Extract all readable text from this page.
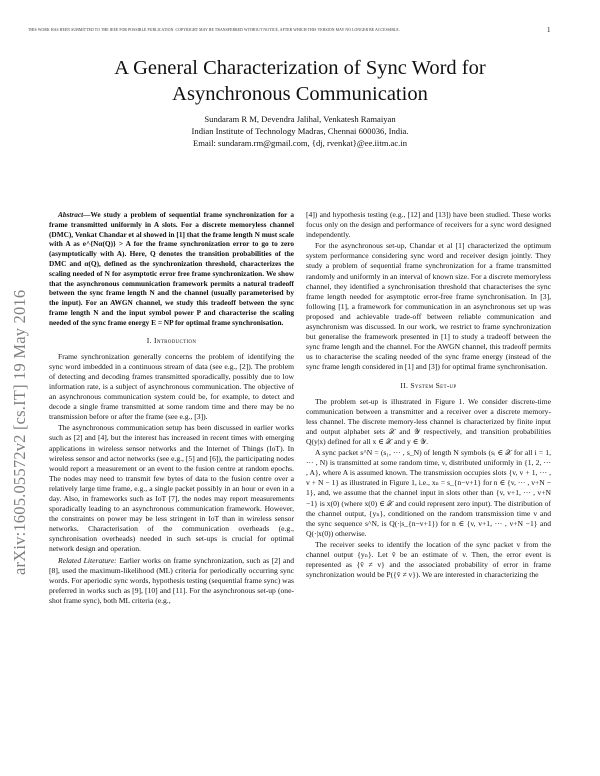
THIS WORK HAS BEEN SUBMITTED TO THE IEEE FOR POSSIBLE PUBLICATION. COPYRIGHT MAY BE TRANSFERRED WITHOUT NOTICE, AFTER WHICH THIS VERSION MAY NO LONGER BE ACCESSIBLE.	1
arXiv:1605.05572v2 [cs.IT] 19 May 2016
A General Characterization of Sync Word for
Asynchronous Communication
Sundaram R M, Devendra Jalihal, Venkatesh Ramaiyan
Indian Institute of Technology Madras, Chennai 600036, India.
Email: sundaram.rm@gmail.com, {dj, rvenkat}@ee.iitm.ac.in

Abstract—We study a problem of sequential frame synchronization for a frame transmitted uniformly in A slots. For a discrete memoryless channel (DMC), Venkat Chandar et al showed in [1] that the frame length N must scale with A as e^{Nα(Q)} > A for the frame synchronization error to go to zero (asymptotically with A). Here, Q denotes the transition probabilities of the DMC and α(Q), defined as the synchronization threshold, characterizes the scaling needed of N for asymptotic error free frame synchronization. We show that the asynchronous communication framework permits a natural tradeoff between the sync frame length N and the channel (usually parameterised by the input). For an AWGN channel, we study this tradeoff between the sync frame length N and the input symbol power P and characterise the scaling needed of the sync frame energy E = NP for optimal frame synchronisation.

I. Introduction

Frame synchronization generally concerns the problem of identifying the sync word imbedded in a continuous stream of data (see e.g., [2]). The problem of detecting and decoding frames transmitted sporadically, possibly due to low information rate, is a subject of asynchronous communication. The objective of an asynchronous communication system could be, for example, to detect and decode a single frame transmitted at some random time and there may be no transmission before or after the frame (see e.g., [3]).

The asynchronous communication setup has been discussed in earlier works such as [2] and [4], but the interest has increased in recent times with emerging applications in wireless sensor networks and the Internet of Things (IoT). In wireless sensor and actor networks (see e.g., [5] and [6]), the participating nodes would report a measurement or an event to the fusion centre at random epochs. The nodes may need to transmit few bytes of data to the fusion centre over a relatively large time frame, e.g., a single packet possibly in an hour or even in a day. Also, in frameworks such as IoT [7], the nodes may report measurements sporadically leading to an asynchronous communication framework. However, the constraints on power may be less stringent in IoT than in wireless sensor networks. Characterisation of the communication overheads (e.g., synchronisation overheads) needed in such set-ups is crucial for optimal network design and operation.

Related Literature: Earlier works on frame synchronization, such as [2] and [8], used the maximum-likelihood (ML) criteria for periodically occurring sync words. For aperiodic sync words, hypothesis testing (sequential frame sync) was preferred in works such as [9], [10] and [11]. For the asynchronous set-up (one-shot frame sync), both ML criteria (e.g.,

[4]) and hypothesis testing (e.g., [12] and [13]) have been studied. These works focus only on the design and performance of receivers for a sync word designed independently.

For the asynchronous set-up, Chandar et al [1] characterized the optimum system performance considering sync word and receiver design jointly. They study a problem of sequential frame synchronization for a frame transmitted randomly and uniformly in an interval of known size. For a discrete memoryless channel, they identified a synchronisation threshold that characterises the sync frame length needed for asymptotic error-free frame synchronisation. In [3], following [1], a framework for communication in an asynchronous set up was proposed and achievable trade-off between reliable communication and asynchronism was discussed. In our work, we restrict to frame synchronization but generalise the framework presented in [1] to study a tradeoff between the sync frame length and the channel. For the AWGN channel, this tradeoff permits us to characterise the scaling needed of the sync frame energy (instead of the sync frame length considered in [1] and [3]) for optimal frame synchronisation.

II. System Set-up

The problem set-up is illustrated in Figure 1. We consider discrete-time communication between a transmitter and a receiver over a discrete memory-less channel. The discrete memory-less channel is characterized by finite input and output alphabet sets 𝒳 and 𝒴 respectively, and transition probabilities Q(y|x) defined for all x ∈ 𝒳 and y ∈ 𝒴.

A sync packet s^N = (s₁, ··· , s_N) of length N symbols (sᵢ ∈ 𝒳 for all i = 1, ··· , N) is transmitted at some random time, v, distributed uniformly in {1, 2, ··· , A}, where A is assumed known. The transmission occupies slots {v, v + 1, ··· , v + N − 1} as illustrated in Figure 1, i.e., xₙ = s_{n−v+1} for n ∈ {v, ··· , v+N − 1}, and, we assume that the channel input in slots other than {v, v+1, ··· , v+N −1} is x(0) (where x(0) ∈ 𝒳 and could represent zero input). The distribution of the channel output, {yₙ}, conditioned on the random transmission time v and the sync sequence s^N, is Q(·|s_{n−v+1}) for n ∈ {v, v+1, ··· , v+N −1} and Q(·|x(0)) otherwise.

The receiver seeks to identify the location of the sync packet v from the channel output {yₙ}. Let v̂ be an estimate of v. Then, the error event is represented as {v̂ ≠ v} and the associated probability of error in frame synchronization would be P({v̂ ≠ v}). We are interested in characterizing the
